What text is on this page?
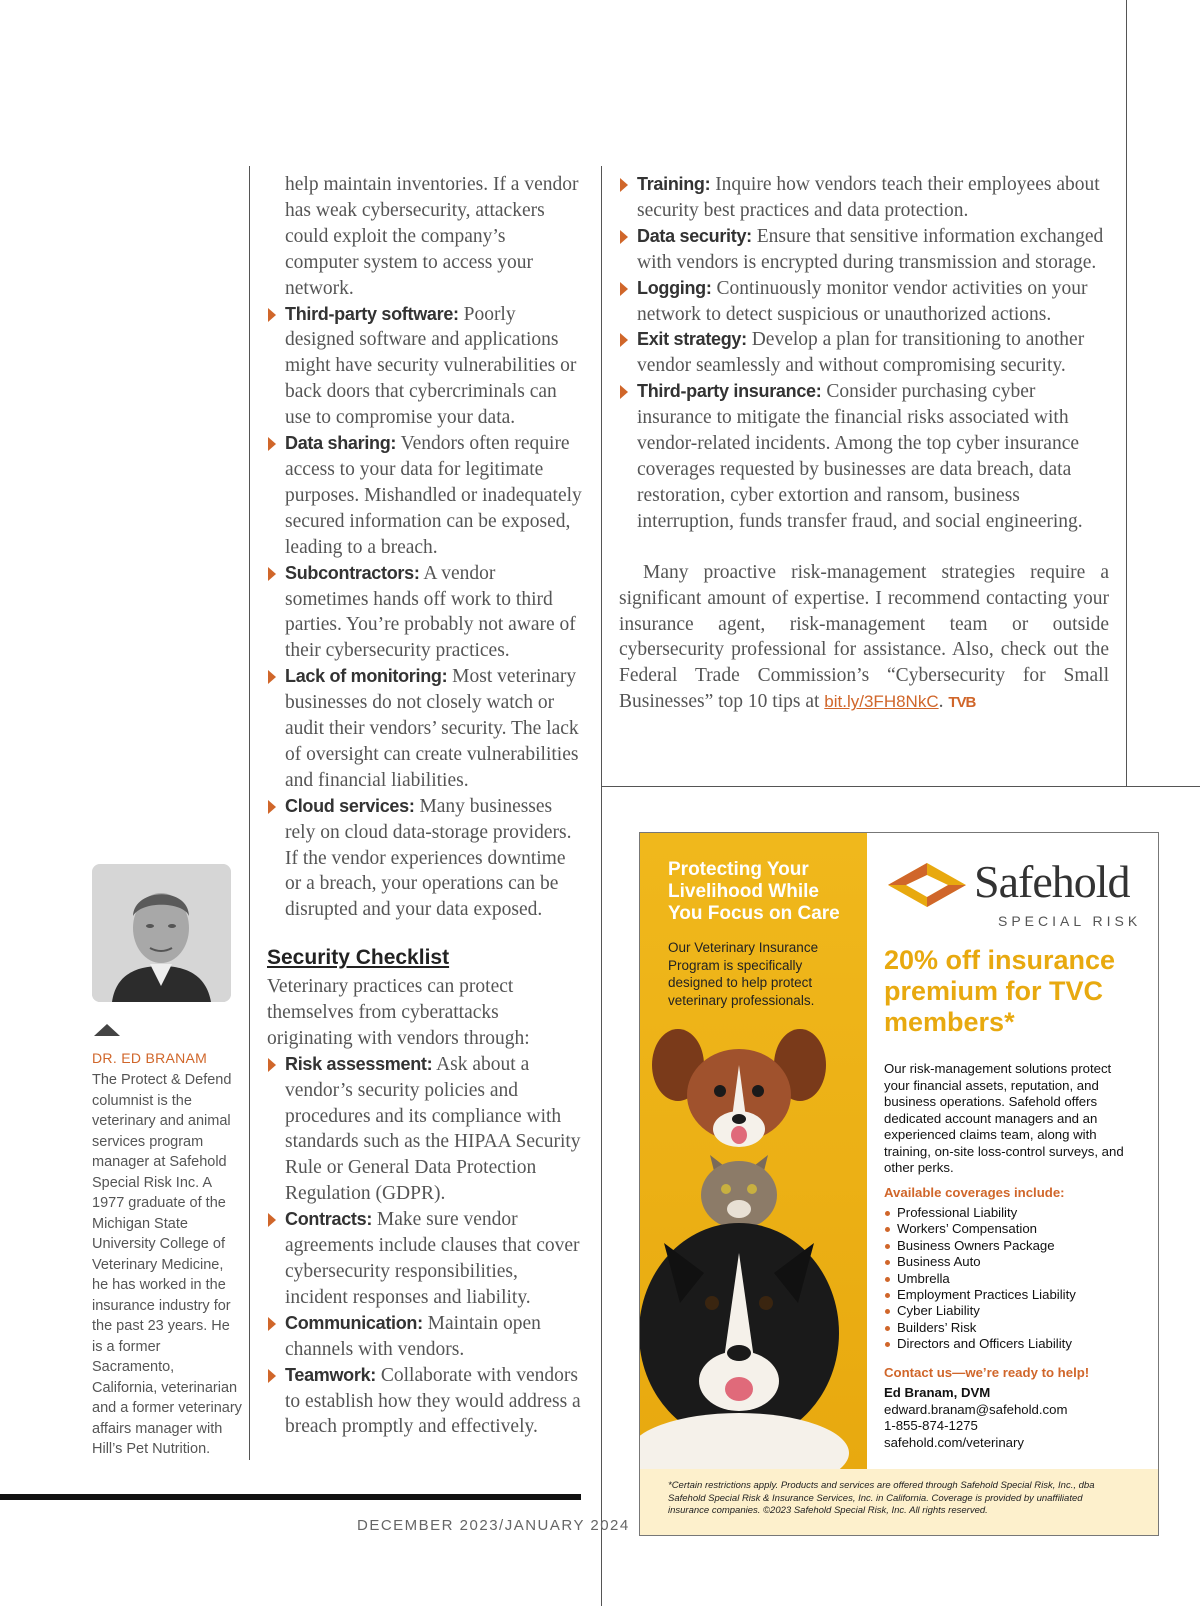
help maintain inventories. If a vendor has weak cybersecurity, attackers could exploit the company’s computer system to access your network.

Third-party software: Poorly designed software and applications might have security vulnerabilities or back doors that cybercriminals can use to compromise your data.

Data sharing: Vendors often require access to your data for legitimate purposes. Mishandled or inadequately secured information can be exposed, leading to a breach.

Subcontractors: A vendor sometimes hands off work to third parties. You’re probably not aware of their cybersecurity practices.

Lack of monitoring: Most veterinary businesses do not closely watch or audit their vendors’ security. The lack of oversight can create vulnerabilities and financial liabilities.

Cloud services: Many businesses rely on cloud data-storage providers. If the vendor experiences downtime or a breach, your operations can be disrupted and your data exposed.

Security Checklist

Veterinary practices can protect themselves from cyberattacks originating with vendors through:

Risk assessment: Ask about a vendor’s security policies and procedures and its compliance with standards such as the HIPAA Security Rule or General Data Protection Regulation (GDPR).

Contracts: Make sure vendor agreements include clauses that cover cybersecurity responsibilities, incident responses and liability.

Communication: Maintain open channels with vendors.

Teamwork: Collaborate with vendors to establish how they would address a breach promptly and effectively.

Training: Inquire how vendors teach their employees about security best practices and data protection.

Data security: Ensure that sensitive information exchanged with vendors is encrypted during transmission and storage.

Logging: Continuously monitor vendor activities on your network to detect suspicious or unauthorized actions.

Exit strategy: Develop a plan for transitioning to another vendor seamlessly and without compromising security.

Third-party insurance: Consider purchasing cyber insurance to mitigate the financial risks associated with vendor-related incidents. Among the top cyber insurance coverages requested by businesses are data breach, data restoration, cyber extortion and ransom, business interruption, funds transfer fraud, and social engineering.

Many proactive risk-management strategies require a significant amount of expertise. I recommend contacting your insurance agent, risk-management team or outside cybersecurity professional for assistance. Also, check out the Federal Trade Commission’s “Cybersecurity for Small Businesses” top 10 tips at bit.ly/3FH8NkC. TVB

DR. ED BRANAM
The Protect & Defend columnist is the veterinary and animal services program manager at Safehold Special Risk Inc. A 1977 graduate of the Michigan State University College of Veterinary Medicine, he has worked in the insurance industry for the past 23 years. He is a former Sacramento, California, veterinarian and a former veterinary affairs manager with Hill’s Pet Nutrition.
DECEMBER 2023/JANUARY 2024
Protecting Your Livelihood While You Focus on Care
Our Veterinary Insurance Program is specifically designed to help protect veterinary professionals.
Safehold
SPECIAL RISK
20% off insurance premium for TVC members*
Our risk-management solutions protect your financial assets, reputation, and business operations. Safehold offers dedicated account managers and an experienced claims team, along with training, on-site loss-control surveys, and other perks.
Available coverages include:
Professional Liability
Workers’ Compensation
Business Owners Package
Business Auto
Umbrella
Employment Practices Liability
Cyber Liability
Builders’ Risk
Directors and Officers Liability
Contact us—we’re ready to help!
Ed Branam, DVM
edward.branam@safehold.com
1-855-874-1275
safehold.com/veterinary
*Certain restrictions apply. Products and services are offered through Safehold Special Risk, Inc., dba Safehold Special Risk & Insurance Services, Inc. in California. Coverage is provided by unaffiliated insurance companies. ©2023 Safehold Special Risk, Inc. All rights reserved.
